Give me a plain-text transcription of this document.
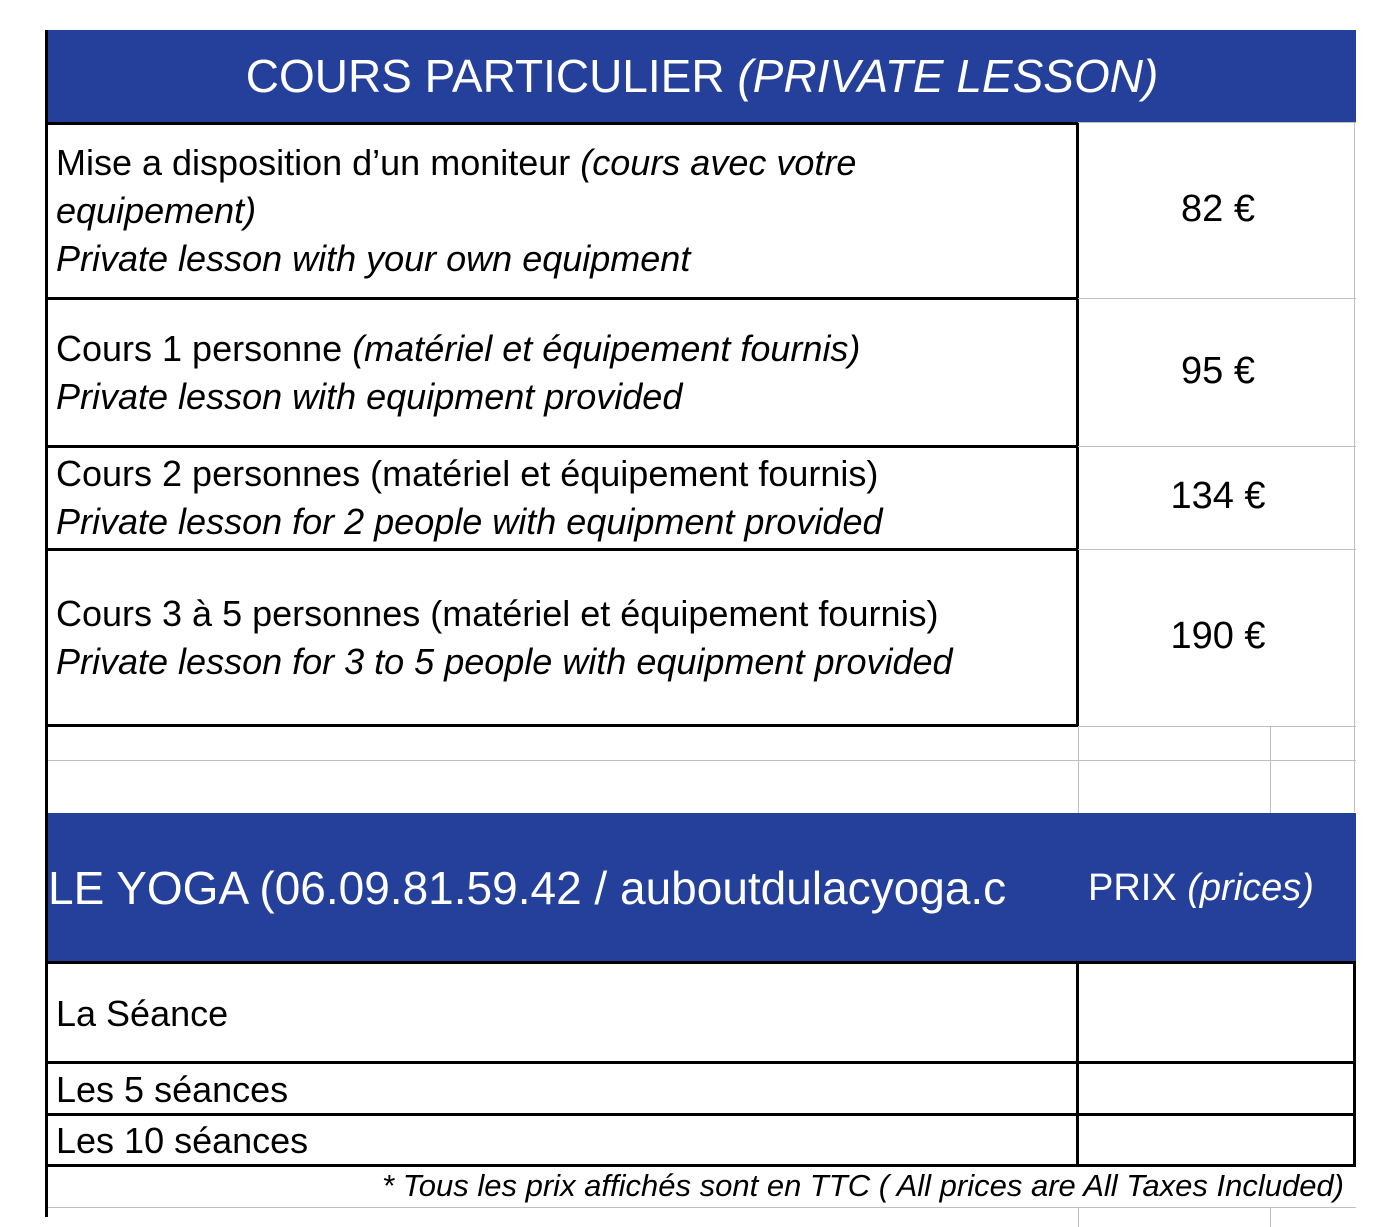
COURS PARTICULIER (PRIVATE LESSON)
Mise a disposition d’un moniteur (cours avec votre
equipement)
Private lesson with your own equipment
82 €
Cours 1 personne (matériel et équipement fournis)
Private lesson with equipment provided
95 €
Cours 2 personnes (matériel et équipement fournis)
Private lesson for 2 people with equipment provided
134 €
Cours 3 à 5 personnes (matériel et équipement fournis)
Private lesson for 3 to 5 people with equipment provided
190 €
LE YOGA (06.09.81.59.42 / auboutdulacyoga.c	PRIX (prices)
La Séance
Les 5 séances
Les 10 séances
* Tous les prix affichés sont en TTC ( All prices are All Taxes Included)
